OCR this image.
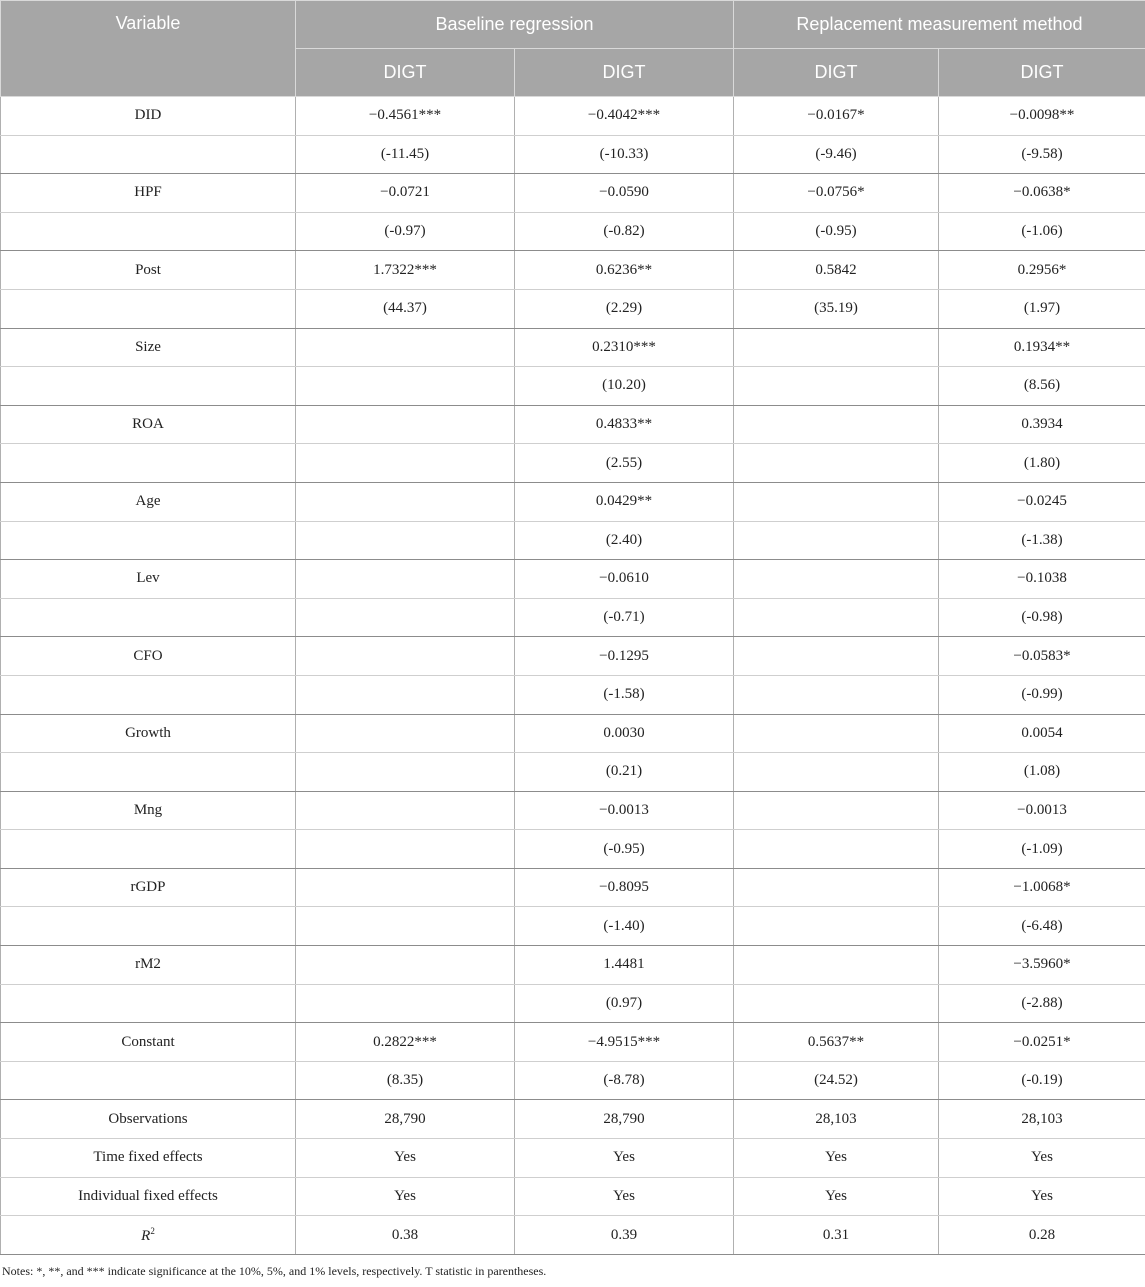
Variable	Baseline regression		Replacement measurement method	
	DIGT	DIGT	DIGT	DIGT
DID	−0.4561***	−0.4042***	−0.0167*	−0.0098**
	(-11.45)	(-10.33)	(-9.46)	(-9.58)
HPF	−0.0721	−0.0590	−0.0756*	−0.0638*
	(-0.97)	(-0.82)	(-0.95)	(-1.06)
Post	1.7322***	0.6236**	0.5842	0.2956*
	(44.37)	(2.29)	(35.19)	(1.97)
Size		0.2310***		0.1934**
		(10.20)		(8.56)
ROA		0.4833**		0.3934
		(2.55)		(1.80)
Age		0.0429**		−0.0245
		(2.40)		(-1.38)
Lev		−0.0610		−0.1038
		(-0.71)		(-0.98)
CFO		−0.1295		−0.0583*
		(-1.58)		(-0.99)
Growth		0.0030		0.0054
		(0.21)		(1.08)
Mng		−0.0013		−0.0013
		(-0.95)		(-1.09)
rGDP		−0.8095		−1.0068*
		(-1.40)		(-6.48)
rM2		1.4481		−3.5960*
		(0.97)		(-2.88)
Constant	0.2822***	−4.9515***	0.5637**	−0.0251*
	(8.35)	(-8.78)	(24.52)	(-0.19)
Observations	28,790	28,790	28,103	28,103
Time fixed effects	Yes	Yes	Yes	Yes
Individual fixed effects	Yes	Yes	Yes	Yes
$R^2$	0.38	0.39	0.31	0.28
Notes: *, **, and *** indicate significance at the 10%, 5%, and 1% levels, respectively. T statistic in parentheses.
